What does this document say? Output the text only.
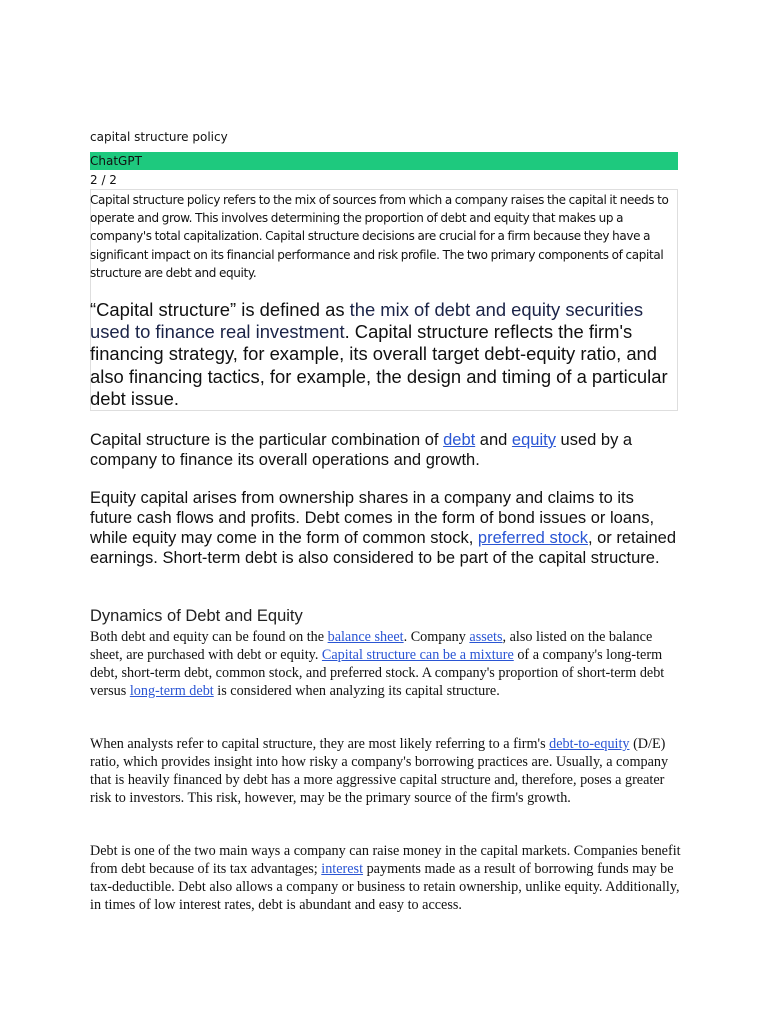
capital structure policy
ChatGPT
2 / 2
Capital structure policy refers to the mix of sources from which a company raises the capital it needs to operate and grow. This involves determining the proportion of debt and equity that makes up a company's total capitalization. Capital structure decisions are crucial for a firm because they have a significant impact on its financial performance and risk profile. The two primary components of capital structure are debt and equity.
“Capital structure” is defined as the mix of debt and equity securities used to finance real investment. Capital structure reflects the firm's financing strategy, for example, its overall target debt-equity ratio, and also financing tactics, for example, the design and timing of a particular debt issue.
Capital structure is the particular combination of debt and equity used by a company to finance its overall operations and growth.
Equity capital arises from ownership shares in a company and claims to its future cash flows and profits. Debt comes in the form of bond issues or loans, while equity may come in the form of common stock, preferred stock, or retained earnings. Short-term debt is also considered to be part of the capital structure.
Dynamics of Debt and Equity
Both debt and equity can be found on the balance sheet. Company assets, also listed on the balance sheet, are purchased with debt or equity. Capital structure can be a mixture of a company's long-term debt, short-term debt, common stock, and preferred stock. A company's proportion of short-term debt versus long-term debt is considered when analyzing its capital structure.
When analysts refer to capital structure, they are most likely referring to a firm's debt-to-equity (D/E) ratio, which provides insight into how risky a company's borrowing practices are. Usually, a company that is heavily financed by debt has a more aggressive capital structure and, therefore, poses a greater risk to investors. This risk, however, may be the primary source of the firm's growth.
Debt is one of the two main ways a company can raise money in the capital markets. Companies benefit from debt because of its tax advantages; interest payments made as a result of borrowing funds may be tax-deductible. Debt also allows a company or business to retain ownership, unlike equity. Additionally, in times of low interest rates, debt is abundant and easy to access.
